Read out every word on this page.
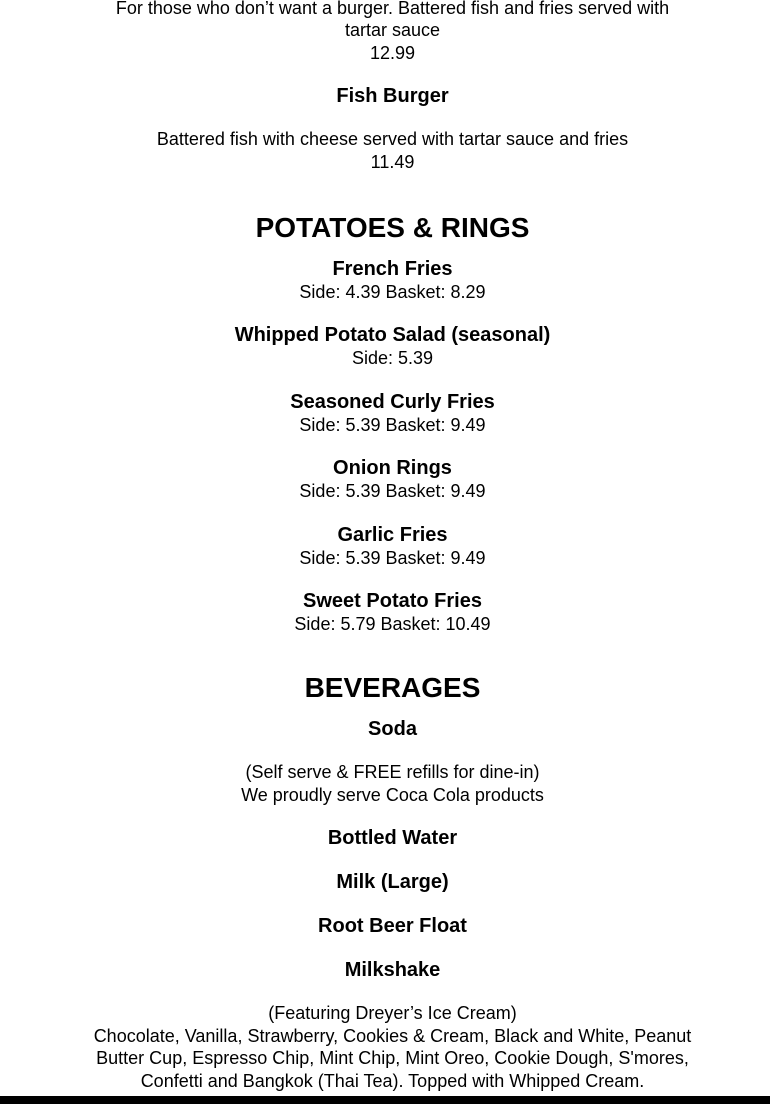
For those who don’t want a burger. Battered fish and fries served with tartar sauce

12.99

Fish Burger

Battered fish with cheese served with tartar sauce and fries

11.49

POTATOES & RINGS

French Fries

Side: 4.39 Basket: 8.29

Whipped Potato Salad (seasonal)

Side: 5.39

Seasoned Curly Fries

Side: 5.39 Basket: 9.49

Onion Rings

Side: 5.39 Basket: 9.49

Garlic Fries

Side: 5.39 Basket: 9.49

Sweet Potato Fries

Side: 5.79 Basket: 10.49

BEVERAGES

Soda

(Self serve & FREE refills for dine-in)

We proudly serve Coca Cola products

Bottled Water

Milk (Large)

Root Beer Float

Milkshake

(Featuring Dreyer’s Ice Cream)

Chocolate, Vanilla, Strawberry, Cookies & Cream, Black and White, Peanut Butter Cup, Espresso Chip, Mint Chip, Mint Oreo, Cookie Dough, S'mores, Confetti and Bangkok (Thai Tea). Topped with Whipped Cream.
